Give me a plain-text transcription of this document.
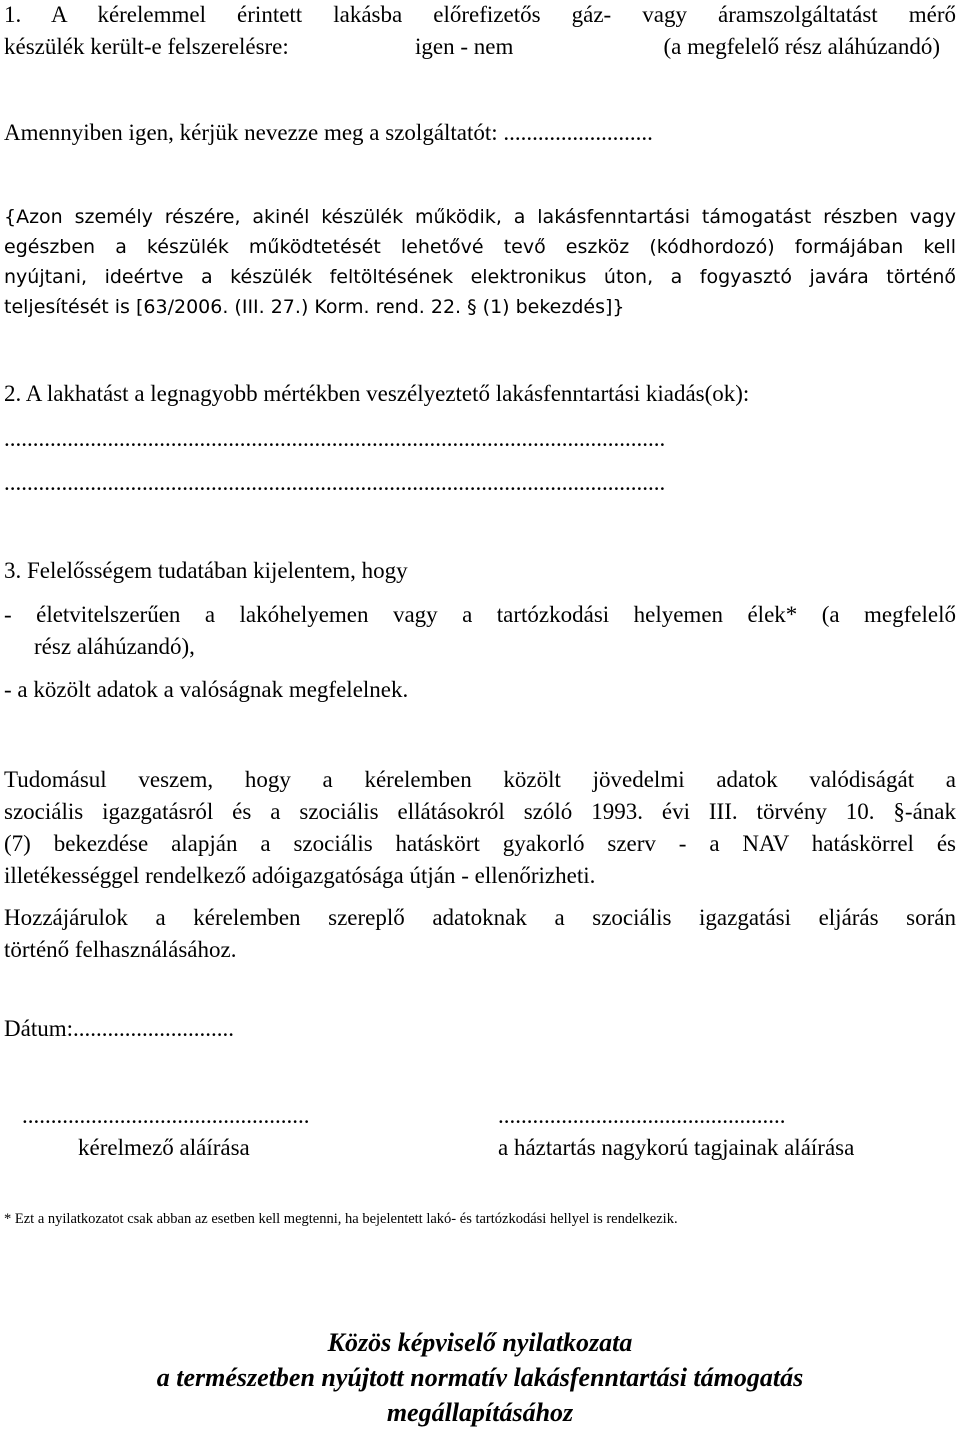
1. A kérelemmel érintett lakásba előrefizetős gáz- vagy áramszolgáltatást mérő
készülék került-e felszerelésre:	igen - nem	(a megfelelő rész aláhúzandó)
Amennyiben igen, kérjük nevezze meg a szolgáltatót: ..........................
{Azon személy részére, akinél készülék működik, a lakásfenntartási támogatást részben vagy
egészben a készülék működtetését lehetővé tevő eszköz (kódhordozó) formájában kell
nyújtani, ideértve a készülék feltöltésének elektronikus úton, a fogyasztó javára történő
teljesítését is [63/2006. (III. 27.) Korm. rend. 22. § (1) bekezdés]}
2. A lakhatást a legnagyobb mértékben veszélyeztető lakásfenntartási kiadás(ok):
...................................................................................................................
...................................................................................................................
3. Felelősségem tudatában kijelentem, hogy
- életvitelszerűen a lakóhelyemen vagy a tartózkodási helyemen élek* (a megfelelő
rész aláhúzandó),
- a közölt adatok a valóságnak megfelelnek.
Tudomásul veszem, hogy a kérelemben közölt jövedelmi adatok valódiságát a
szociális igazgatásról és a szociális ellátásokról szóló 1993. évi III. törvény 10. §-ának
(7) bekezdése alapján a szociális hatáskört gyakorló szerv - a NAV hatáskörrel és
illetékességgel rendelkező adóigazgatósága útján - ellenőrizheti.
Hozzájárulok a kérelemben szereplő adatoknak a szociális igazgatási eljárás során
történő felhasználásához.
Dátum:............................
..................................................
kérelmező aláírása
..................................................
a háztartás nagykorú tagjainak aláírása
* Ezt a nyilatkozatot csak abban az esetben kell megtenni, ha bejelentett lakó- és tartózkodási hellyel is rendelkezik.
Közös képviselő nyilatkozata
a természetben nyújtott normatív lakásfenntartási támogatás
megállapításához
